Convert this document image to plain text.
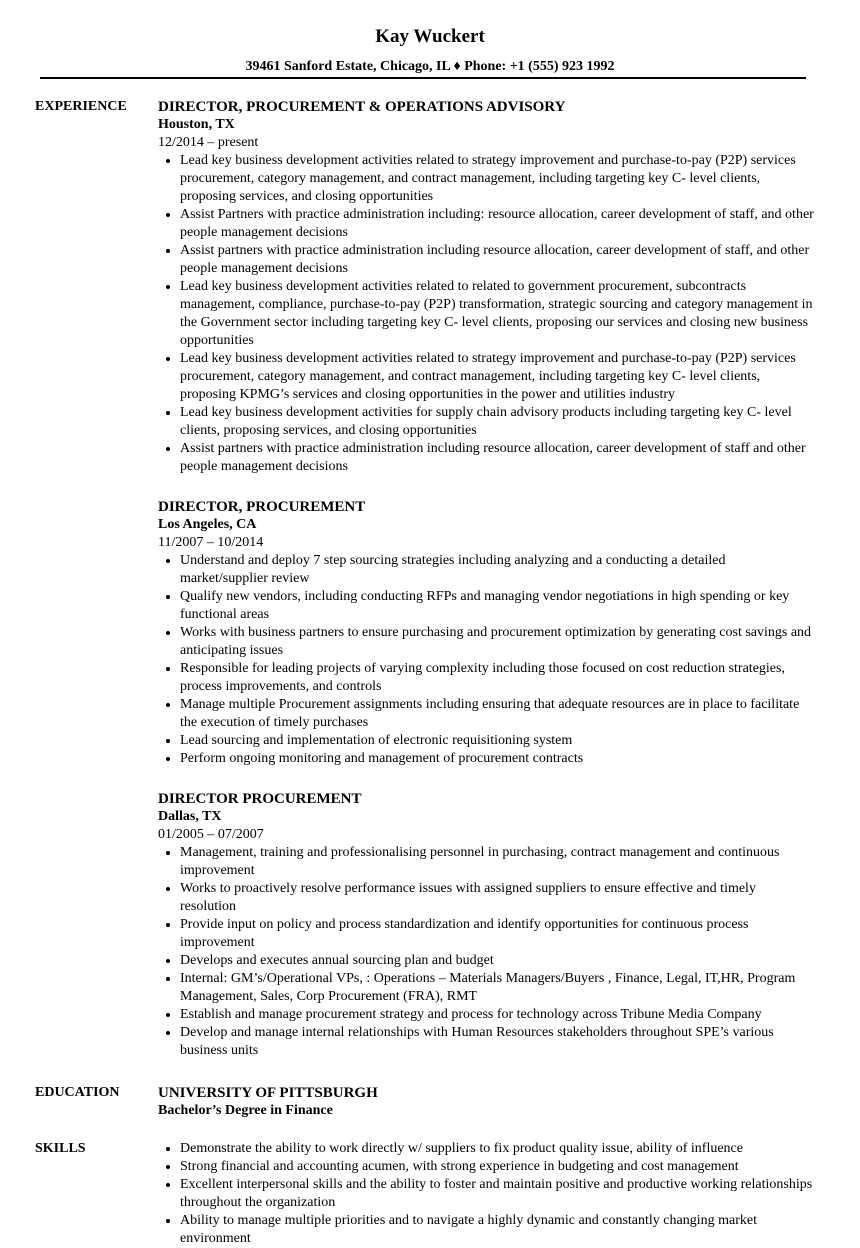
Kay Wuckert
39461 Sanford Estate, Chicago, IL ♦ Phone: +1 (555) 923 1992
EXPERIENCE	DIRECTOR, PROCUREMENT & OPERATIONS ADVISORY
Houston, TX
12/2014 – present
• Lead key business development activities related to strategy improvement and purchase-to-pay (P2P) services procurement, category management, and contract management, including targeting key C- level clients, proposing services, and closing opportunities
• Assist Partners with practice administration including: resource allocation, career development of staff, and other people management decisions
• Assist partners with practice administration including resource allocation, career development of staff, and other people management decisions
• Lead key business development activities related to related to government procurement, subcontracts management, compliance, purchase-to-pay (P2P) transformation, strategic sourcing and category management in the Government sector including targeting key C- level clients, proposing our services and closing new business opportunities
• Lead key business development activities related to strategy improvement and purchase-to-pay (P2P) services procurement, category management, and contract management, including targeting key C- level clients, proposing KPMG’s services and closing opportunities in the power and utilities industry
• Lead key business development activities for supply chain advisory products including targeting key C- level clients, proposing services, and closing opportunities
• Assist partners with practice administration including resource allocation, career development of staff and other people management decisions
DIRECTOR, PROCUREMENT
Los Angeles, CA
11/2007 – 10/2014
• Understand and deploy 7 step sourcing strategies including analyzing and a conducting a detailed market/supplier review
• Qualify new vendors, including conducting RFPs and managing vendor negotiations in high spending or key functional areas
• Works with business partners to ensure purchasing and procurement optimization by generating cost savings and anticipating issues
• Responsible for leading projects of varying complexity including those focused on cost reduction strategies, process improvements, and controls
• Manage multiple Procurement assignments including ensuring that adequate resources are in place to facilitate the execution of timely purchases
• Lead sourcing and implementation of electronic requisitioning system
• Perform ongoing monitoring and management of procurement contracts
DIRECTOR PROCUREMENT
Dallas, TX
01/2005 – 07/2007
• Management, training and professionalising personnel in purchasing, contract management and continuous improvement
• Works to proactively resolve performance issues with assigned suppliers to ensure effective and timely resolution
• Provide input on policy and process standardization and identify opportunities for continuous process improvement
• Develops and executes annual sourcing plan and budget
• Internal: GM’s/Operational VPs, : Operations – Materials Managers/Buyers , Finance, Legal, IT,HR, Program Management, Sales, Corp Procurement (FRA), RMT
• Establish and manage procurement strategy and process for technology across Tribune Media Company
• Develop and manage internal relationships with Human Resources stakeholders throughout SPE’s various business units
EDUCATION	UNIVERSITY OF PITTSBURGH
Bachelor’s Degree in Finance
SKILLS
•	Demonstrate the ability to work directly w/ suppliers to fix product quality issue, ability of influence
• Strong financial and accounting acumen, with strong experience in budgeting and cost management
• Excellent interpersonal skills and the ability to foster and maintain positive and productive working relationships throughout the organization
• Ability to manage multiple priorities and to navigate a highly dynamic and constantly changing market environment
